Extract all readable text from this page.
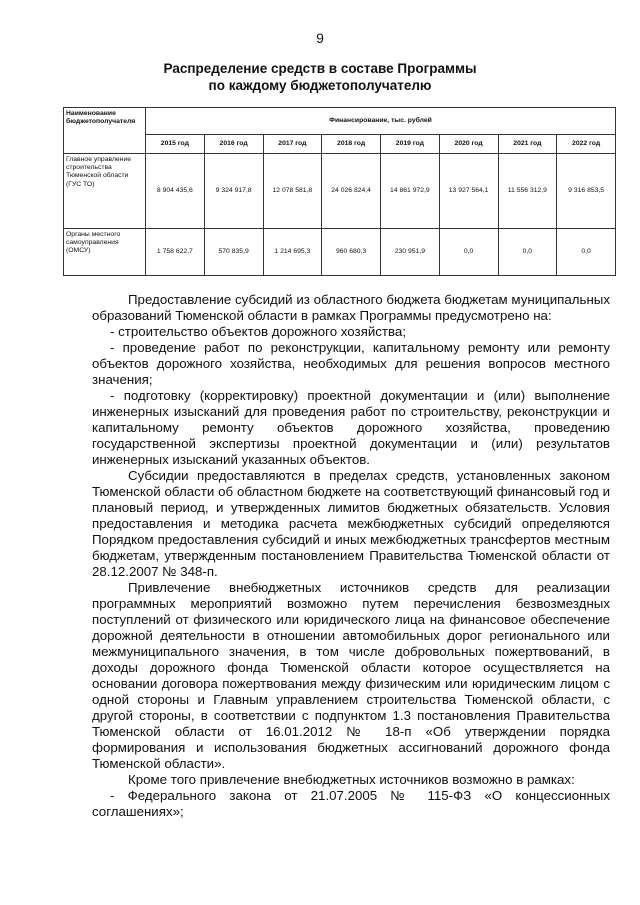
9
Распределение средств в составе Программы
по каждому бюджетополучателю
Наименование бюджетополучателя	Финансирование, тыс. рублей							
	2015 год	2016 год	2017 год	2018 год	2019 год	2020 год	2021 год	2022 год
Главное управление строительства Тюменской области (ГУС ТО)	8 904 435,6	9 324 917,8	12 078 581,8	24 026 824,4	14 861 972,9	13 927 564,1	11 556 312,9	9 316 853,5
Органы местного самоуправления (ОМСУ)	1 758 622,7	570 835,9	1 214 695,3	960 680,3	230 951,9	0,0	0,0	0,0

Предоставление субсидий из областного бюджета бюджетам муниципальных образований Тюменской области в рамках Программы предусмотрено на:

- строительство объектов дорожного хозяйства;

- проведение работ по реконструкции, капитальному ремонту или ремонту объектов дорожного хозяйства, необходимых для решения вопросов местного значения;

- подготовку (корректировку) проектной документации и (или) выполнение инженерных изысканий для проведения работ по строительству, реконструкции и капитальному ремонту объектов дорожного хозяйства, проведению государственной экспертизы проектной документации и (или) результатов инженерных изысканий указанных объектов.

Субсидии предоставляются в пределах средств, установленных законом Тюменской области об областном бюджете на соответствующий финансовый год и плановый период, и утвержденных лимитов бюджетных обязательств. Условия предоставления и методика расчета межбюджетных субсидий определяются Порядком предоставления субсидий и иных межбюджетных трансфертов местным бюджетам, утвержденным постановлением Правительства Тюменской области от 28.12.2007 № 348-п.

Привлечение внебюджетных источников средств для реализации программных мероприятий возможно путем перечисления безвозмездных поступлений от физического или юридического лица на финансовое обеспечение дорожной деятельности в отношении автомобильных дорог регионального или межмуниципального значения, в том числе добровольных пожертвований, в доходы дорожного фонда Тюменской области которое осуществляется на основании договора пожертвования между физическим или юридическим лицом с одной стороны и Главным управлением строительства Тюменской области, с другой стороны, в соответствии с подпунктом 1.3 постановления Правительства Тюменской области от 16.01.2012 № 18-п «Об утверждении порядка формирования и использования бюджетных ассигнований дорожного фонда Тюменской области».

Кроме того привлечение внебюджетных источников возможно в рамках:

- Федерального закона от 21.07.2005 № 115-ФЗ «О концессионных соглашениях»;
